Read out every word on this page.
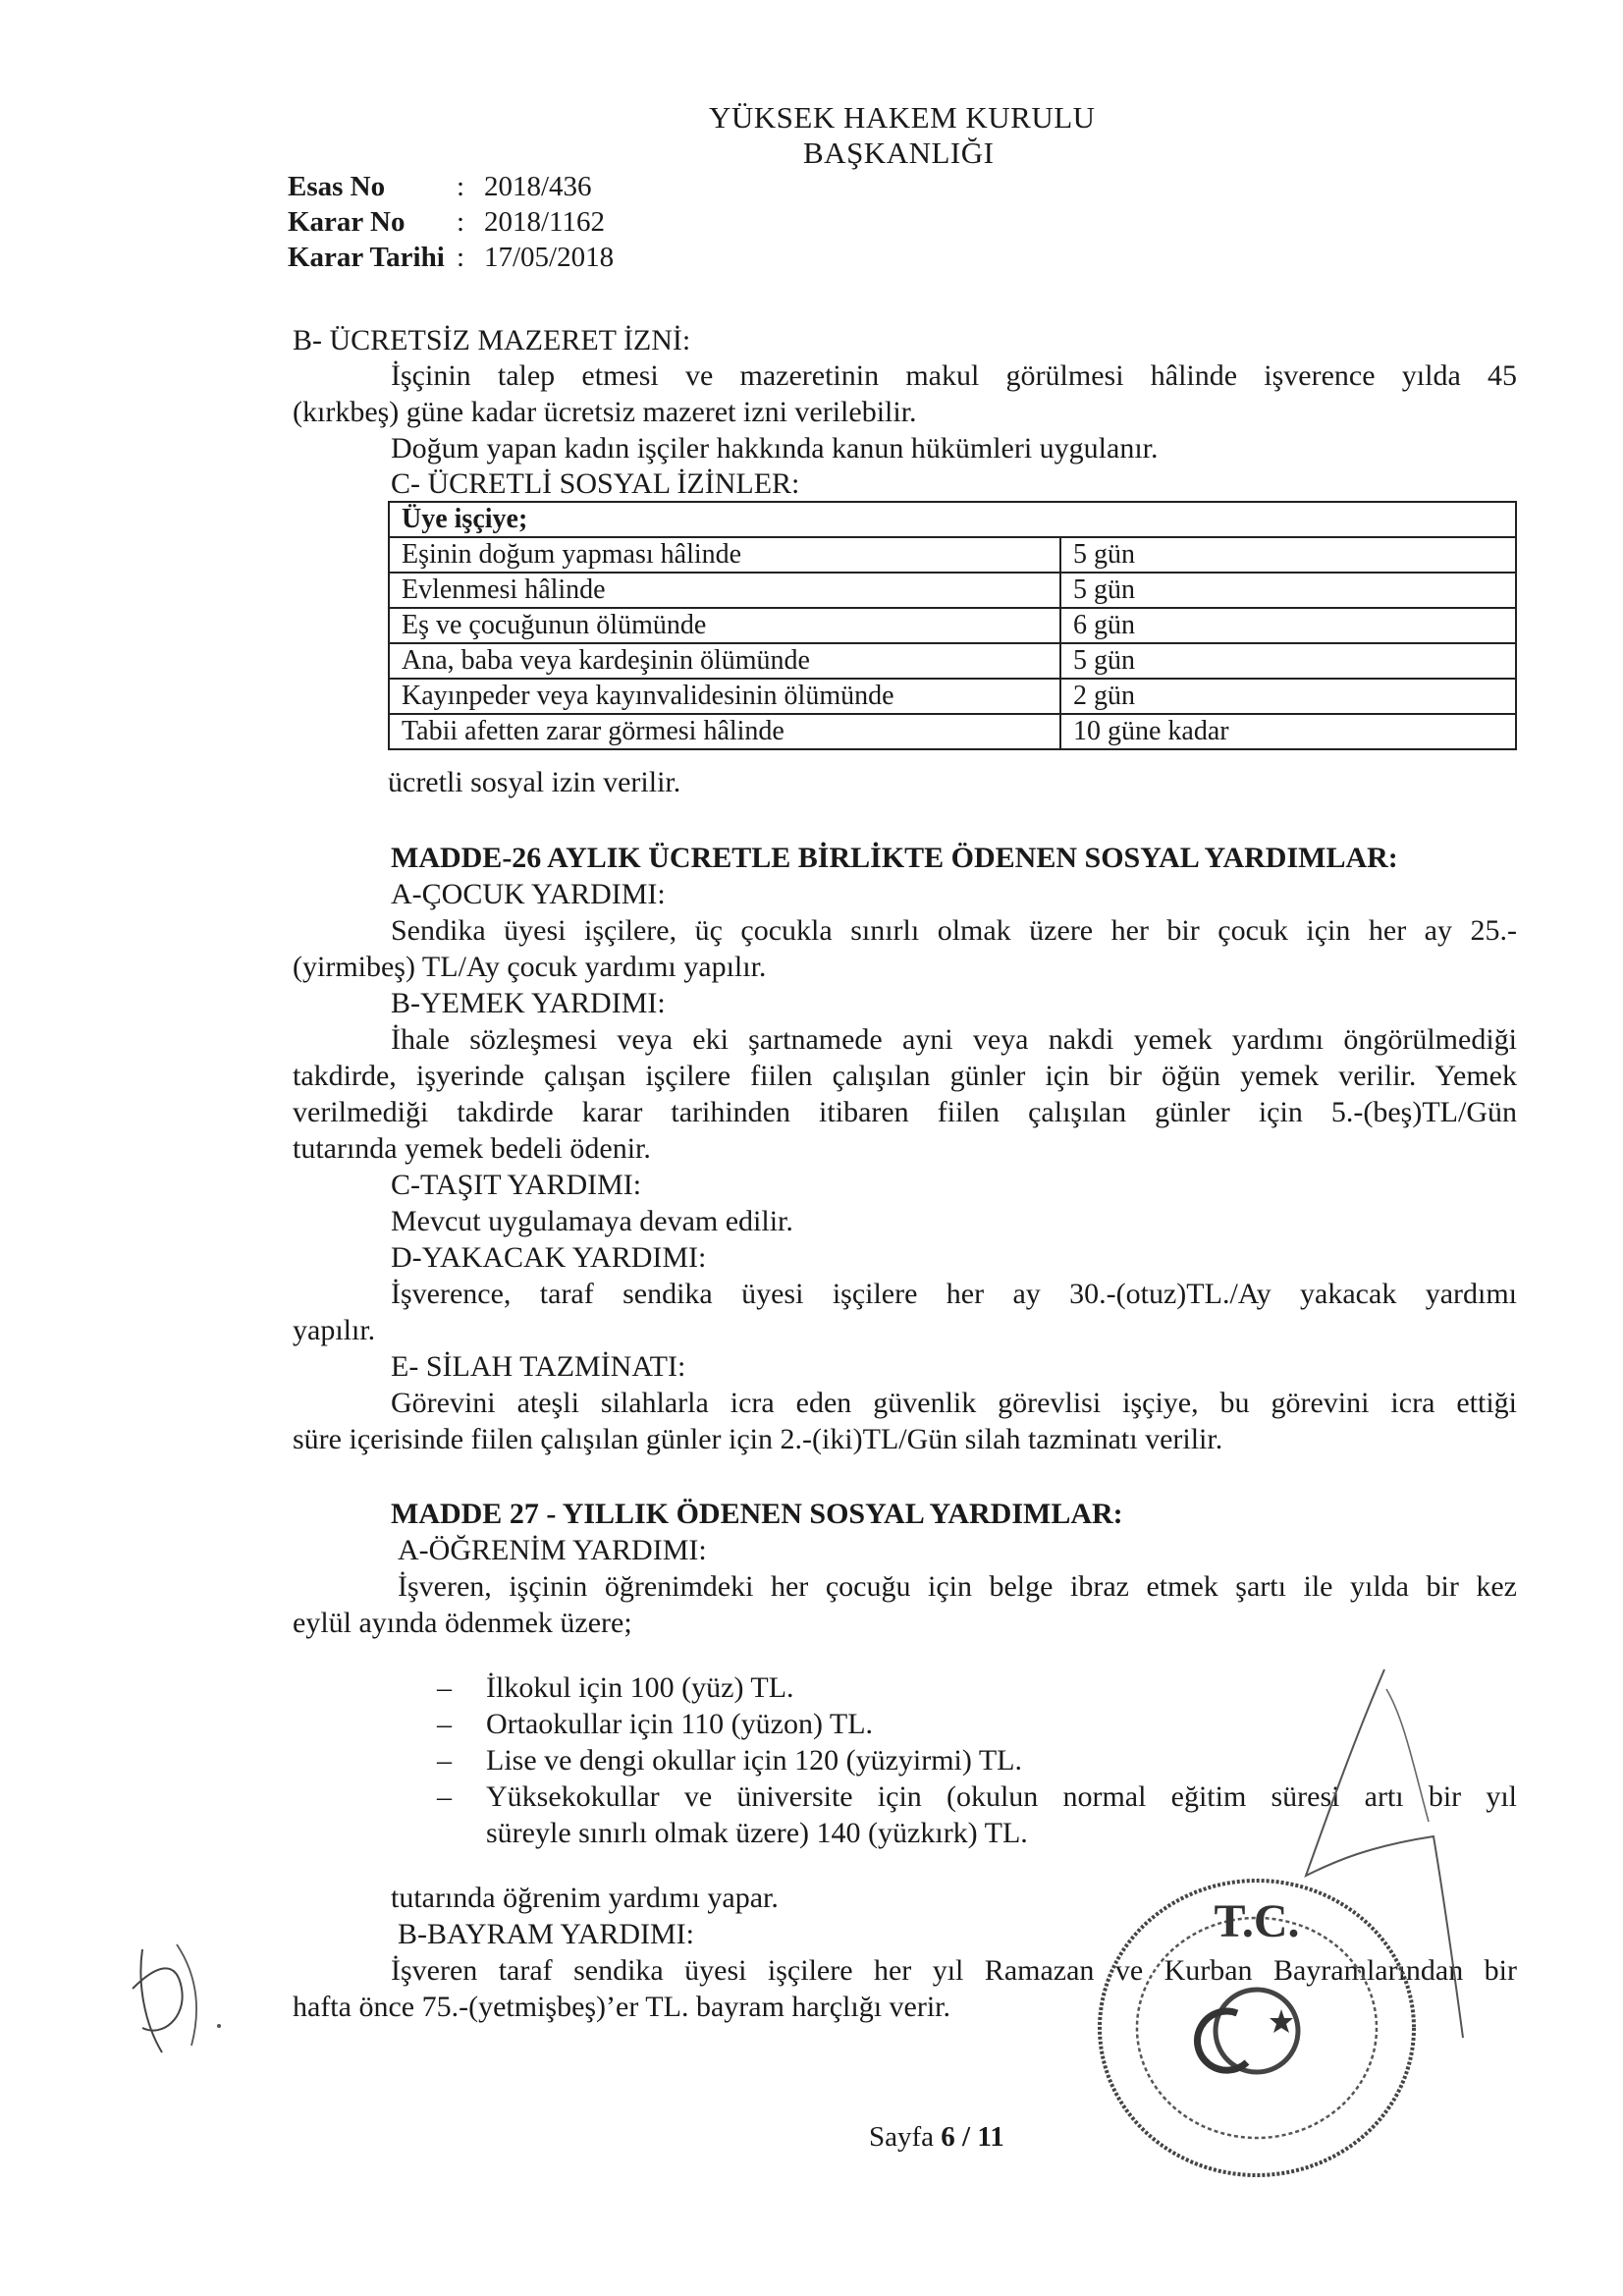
YÜKSEK HAKEM KURULU
BAŞKANLIĞI
Esas No	: 2018/436
Karar No : 2018/1162
Karar Tarihi : 17/05/2018
B- ÜCRETSİZ MAZERET İZNİ:
İşçinin talep etmesi ve mazeretinin makul görülmesi hâlinde işverence yılda 45
(kırkbeş) güne kadar ücretsiz mazeret izni verilebilir.
Doğum yapan kadın işçiler hakkında kanun hükümleri uygulanır.
C- ÜCRETLİ SOSYAL İZİNLER:
Üye işçiye;	
Eşinin doğum yapması hâlinde	5 gün
Evlenmesi hâlinde	5 gün
Eş ve çocuğunun ölümünde	6 gün
Ana, baba veya kardeşinin ölümünde	5 gün
Kayınpeder veya kayınvalidesinin ölümünde	2 gün
Tabii afetten zarar görmesi hâlinde	10 güne kadar
ücretli sosyal izin verilir.
MADDE-26 AYLIK ÜCRETLE BİRLİKTE ÖDENEN SOSYAL YARDIMLAR:
A-ÇOCUK YARDIMI:
Sendika üyesi işçilere, üç çocukla sınırlı olmak üzere her bir çocuk için her ay 25.-
(yirmibeş) TL/Ay çocuk yardımı yapılır.
B-YEMEK YARDIMI:
İhale sözleşmesi veya eki şartnamede ayni veya nakdi yemek yardımı öngörülmediği
takdirde, işyerinde çalışan işçilere fiilen çalışılan günler için bir öğün yemek verilir. Yemek
verilmediği takdirde karar tarihinden itibaren fiilen çalışılan günler için 5.-(beş)TL/Gün
tutarında yemek bedeli ödenir.
C-TAŞIT YARDIMI:
Mevcut uygulamaya devam edilir.
D-YAKACAK YARDIMI:
İşverence, taraf sendika üyesi işçilere her ay 30.-(otuz)TL./Ay yakacak yardımı
yapılır.
E- SİLAH TAZMİNATI:
Görevini ateşli silahlarla icra eden güvenlik görevlisi işçiye, bu görevini icra ettiği
süre içerisinde fiilen çalışılan günler için 2.-(iki)TL/Gün silah tazminatı verilir.
MADDE 27 - YILLIK ÖDENEN SOSYAL YARDIMLAR:
A-ÖĞRENİM YARDIMI:
İşveren, işçinin öğrenimdeki her çocuğu için belge ibraz etmek şartı ile yılda bir kez
eylül ayında ödenmek üzere;
– İlkokul için 100 (yüz) TL.
– Ortaokullar için 110 (yüzon) TL.
– Lise ve dengi okullar için 120 (yüzyirmi) TL.
– Yüksekokullar ve üniversite için (okulun normal eğitim süresi artı bir yıl
süreyle sınırlı olmak üzere) 140 (yüzkırk) TL.
tutarında öğrenim yardımı yapar.
B-BAYRAM YARDIMI:
İşveren taraf sendika üyesi işçilere her yıl Ramazan ve Kurban Bayramlarından bir
hafta önce 75.-(yetmişbeş)’er TL. bayram harçlığı verir.
Sayfa 6 / 11
T.C.
